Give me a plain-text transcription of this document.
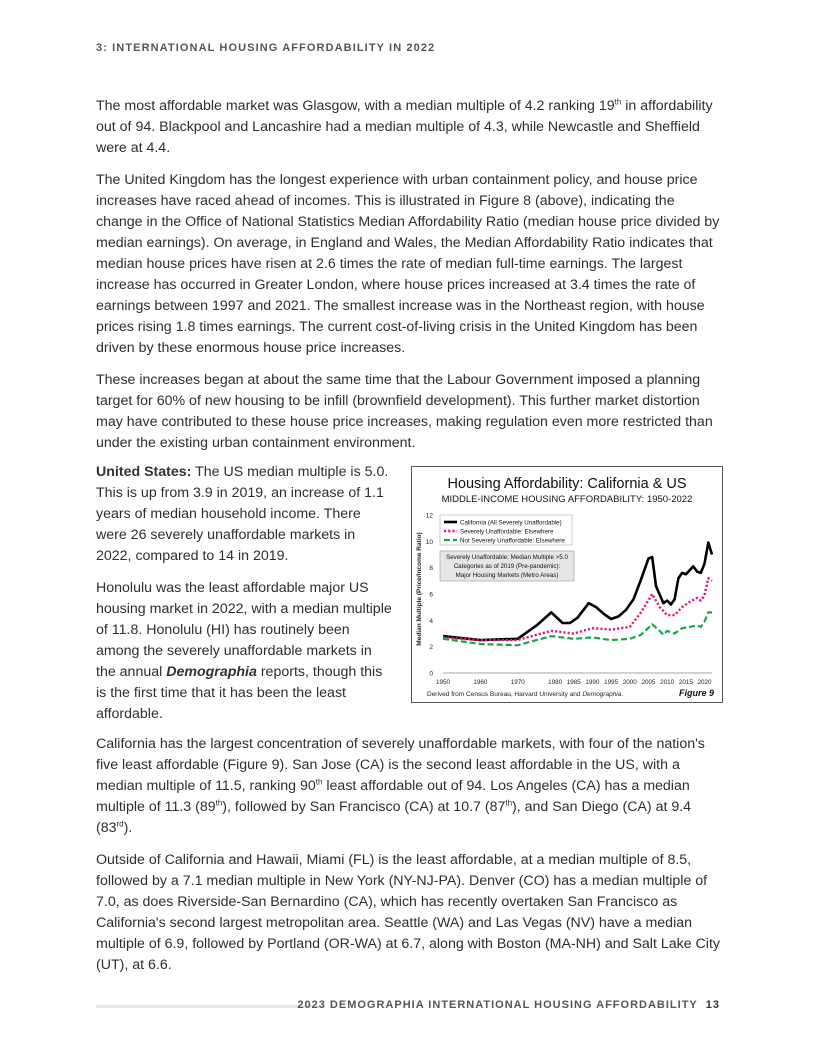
3: INTERNATIONAL HOUSING AFFORDABILITY IN 2022

The most affordable market was Glasgow, with a median multiple of 4.2 ranking 19th in affordability out of 94. Blackpool and Lancashire had a median multiple of 4.3, while Newcastle and Sheffield were at 4.4.

The United Kingdom has the longest experience with urban containment policy, and house price increases have raced ahead of incomes. This is illustrated in Figure 8 (above), indicating the change in the Office of National Statistics Median Affordability Ratio (median house price divided by median earnings). On average, in England and Wales, the Median Affordability Ratio indicates that median house prices have risen at 2.6 times the rate of median full-time earnings. The largest increase has occurred in Greater London, where house prices increased at 3.4 times the rate of earnings between 1997 and 2021. The smallest increase was in the Northeast region, with house prices rising 1.8 times earnings. The current cost-of-living crisis in the United Kingdom has been driven by these enormous house price increases.

These increases began at about the same time that the Labour Government imposed a planning target for 60% of new housing to be infill (brownfield development). This further market distortion may have contributed to these house price increases, making regulation even more restricted than under the existing urban containment environment.

United States: The US median multiple is 5.0. This is up from 3.9 in 2019, an increase of 1.1 years of median household income. There were 26 severely unaffordable markets in 2022, compared to 14 in 2019.

Honolulu was the least affordable major US housing market in 2022, with a median multiple of 11.8. Honolulu (HI) has routinely been among the severely unaffordable markets in the annual Demographia reports, though this is the first time that it has been the least affordable.

Housing Affordability: California & US
MIDDLE-INCOME HOUSING AFFORDABILITY: 1950-2022
Median Multiple (Price/Income Ratio)
0
2
4
6
8
10
12
1950	1960	1970	1980 1985 1990 1995 2000 2005 2010 2015 2020
California (All Severely Unaffordable)
Severely Unaffordable: Elsewhere
Not Severely Unaffordable: Elsewhere
Severely Unaffordable: Median Multiple >5.0
Categories as of 2019 (Pre-pandemic):
Major Housing Markets (Metro Areas)
Derived from Census Bureau, Harvard University and Demographia.	Figure 9

California has the largest concentration of severely unaffordable markets, with four of the nation's five least affordable (Figure 9). San Jose (CA) is the second least affordable in the US, with a median multiple of 11.5, ranking 90th least affordable out of 94. Los Angeles (CA) has a median multiple of 11.3 (89th), followed by San Francisco (CA) at 10.7 (87th), and San Diego (CA) at 9.4 (83rd).

Outside of California and Hawaii, Miami (FL) is the least affordable, at a median multiple of 8.5, followed by a 7.1 median multiple in New York (NY-NJ-PA). Denver (CO) has a median multiple of 7.0, as does Riverside-San Bernardino (CA), which has recently overtaken San Francisco as California's second largest metropolitan area. Seattle (WA) and Las Vegas (NV) have a median multiple of 6.9, followed by Portland (OR-WA) at 6.7, along with Boston (MA-NH) and Salt Lake City (UT), at 6.6.

2023 DEMOGRAPHIA INTERNATIONAL HOUSING AFFORDABILITY 13
